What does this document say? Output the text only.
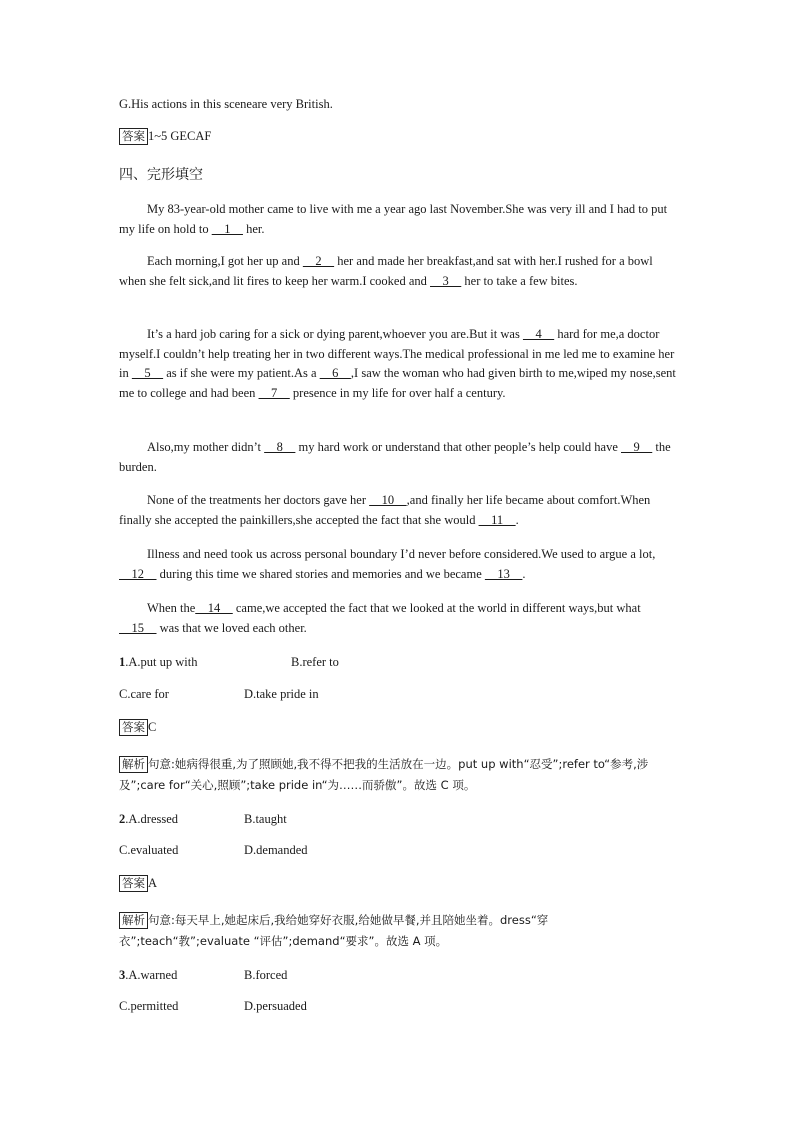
G.His actions in this sceneare very British.
答案 1~5 GECAF
四、完形填空

My 83-year-old mother came to live with me a year ago last November.She was very ill and I had to put my life on hold to     1     her.

Each morning,I got her up and     2     her and made her breakfast,and sat with her.I rushed for a bowl when she felt sick,and lit fires to keep her warm.I cooked and     3     her to take a few bites.

It’s a hard job caring for a sick or dying parent,whoever you are.But it was     4     hard for me,a doctor myself.I couldn’t help treating her in two different ways.The medical professional in me led me to examine her in     5     as if she were my patient.As a     6    ,I saw the woman who had given birth to me,wiped my nose,sent me to college and had been     7     presence in my life for over half a century.

Also,my mother didn’t     8     my hard work or understand that other people’s help could have     9     the burden.

None of the treatments her doctors gave her     10    ,and finally her life became about comfort.When finally she accepted the painkillers,she accepted the fact that she would     11    .

Illness and need took us across personal boundary I’d never before considered.We used to argue a lot,    12     during this time we shared stories and memories and we became     13    .

When the    14     came,we accepted the fact that we looked at the world in different ways,but what     15     was that we loved each other.

1.A.put up with	B.refer to
C.care for	D.take pride in
答案 C

解析 句意:她病得很重,为了照顾她,我不得不把我的生活放在一边。put up with“忍受”;refer to“参考,涉及”;care for“关心,照顾”;take pride in“为……而骄傲”。故选 C 项。

2.A.dressed	B.taught
C.evaluated	D.demanded
答案 A

解析 句意:每天早上,她起床后,我给她穿好衣服,给她做早餐,并且陪她坐着。dress“穿衣”;teach“教”;evaluate “评估”;demand“要求”。故选 A 项。

3.A.warned	B.forced
C.permitted	D.persuaded
